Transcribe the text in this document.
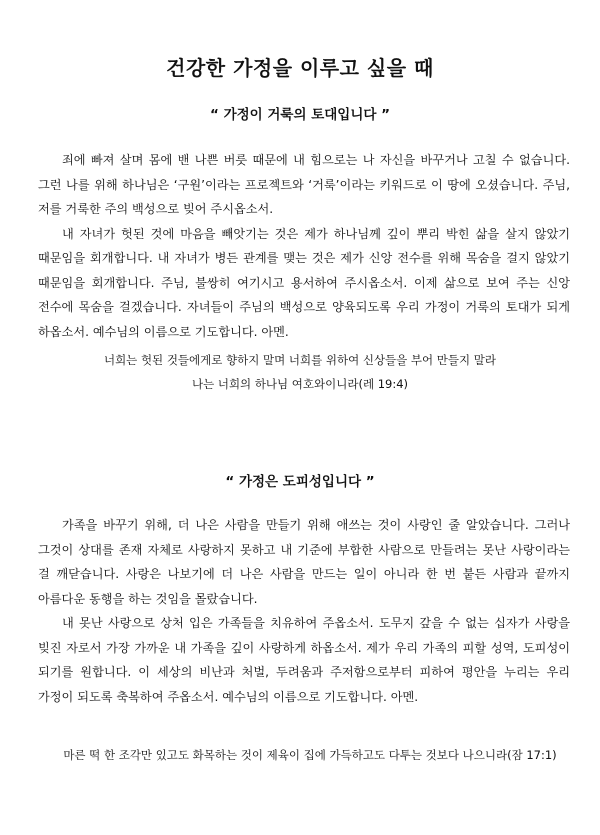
건강한 가정을 이루고 싶을 때
“ 가정이 거룩의 토대입니다 ”

죄에 빠져 살며 몸에 밴 나쁜 버릇 때문에 내 힘으로는 나 자신을 바꾸거나 고칠 수 없습니다. 그런 나를 위해 하나님은 ‘구원’이라는 프로젝트와 ‘거룩’이라는 키워드로 이 땅에 오셨습니다. 주님, 저를 거룩한 주의 백성으로 빚어 주시옵소서.

내 자녀가 헛된 것에 마음을 빼앗기는 것은 제가 하나님께 깊이 뿌리 박힌 삶을 살지 않았기 때문임을 회개합니다. 내 자녀가 병든 관계를 맺는 것은 제가 신앙 전수를 위해 목숨을 걸지 않았기 때문임을 회개합니다. 주님, 불쌍히 여기시고 용서하여 주시옵소서. 이제 삶으로 보여 주는 신앙 전수에 목숨을 걸겠습니다. 자녀들이 주님의 백성으로 양육되도록 우리 가정이 거룩의 토대가 되게 하옵소서. 예수님의 이름으로 기도합니다. 아멘.

너희는 헛된 것들에게로 향하지 말며 너희를 위하여 신상들을 부어 만들지 말라
나는 너희의 하나님 여호와이니라(레 19:4)
“ 가정은 도피성입니다 ”

가족을 바꾸기 위해, 더 나은 사람을 만들기 위해 애쓰는 것이 사랑인 줄 알았습니다. 그러나 그것이 상대를 존재 자체로 사랑하지 못하고 내 기준에 부합한 사람으로 만들려는 못난 사랑이라는 걸 깨닫습니다. 사랑은 나보기에 더 나은 사람을 만드는 일이 아니라 한 번 붙든 사람과 끝까지 아름다운 동행을 하는 것임을 몰랐습니다.

내 못난 사랑으로 상처 입은 가족들을 치유하여 주옵소서. 도무지 갚을 수 없는 십자가 사랑을 빚진 자로서 가장 가까운 내 가족을 깊이 사랑하게 하옵소서. 제가 우리 가족의 피할 성역, 도피성이 되기를 원합니다. 이 세상의 비난과 처벌, 두려움과 주저함으로부터 피하여 평안을 누리는 우리 가정이 되도록 축복하여 주옵소서. 예수님의 이름으로 기도합니다. 아멘.

마른 떡 한 조각만 있고도 화목하는 것이 제육이 집에 가득하고도 다투는 것보다 나으니라(잠 17:1)
